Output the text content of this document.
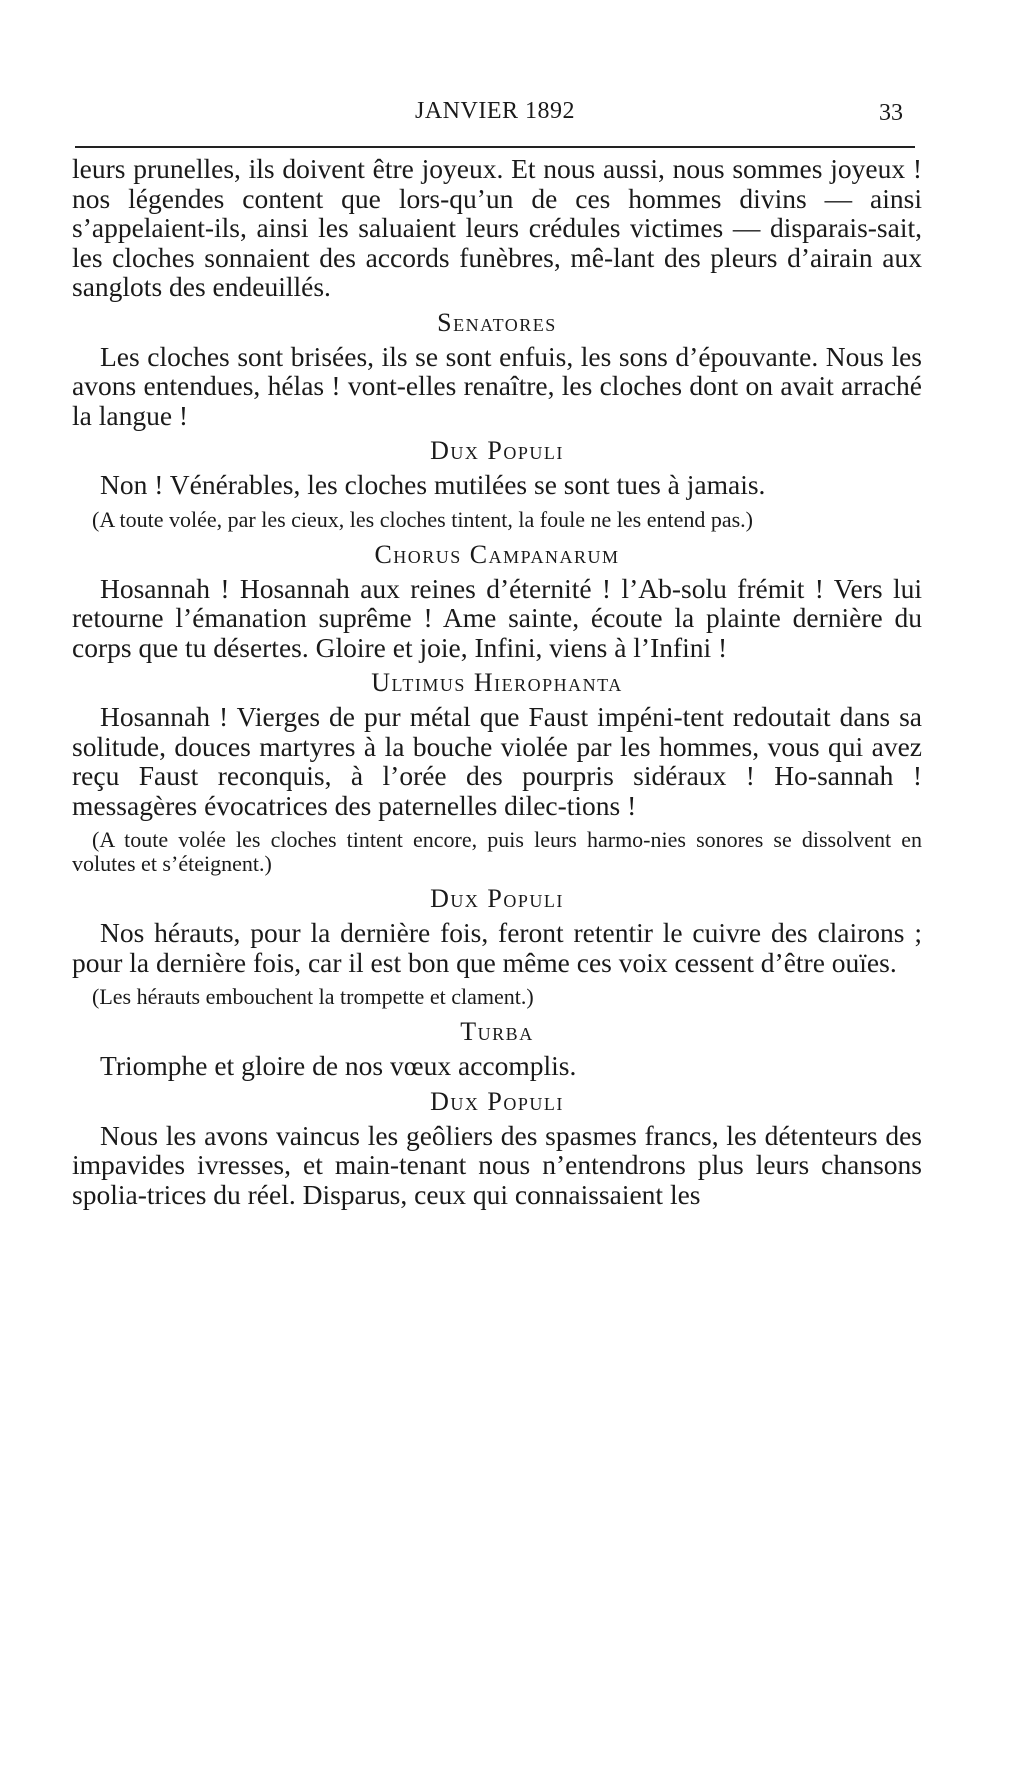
JANVIER 1892	33

leurs prunelles, ils doivent être joyeux. Et nous aussi, nous sommes joyeux ! nos légendes content que lors-qu’un de ces hommes divins — ainsi s’appelaient-ils, ainsi les saluaient leurs crédules victimes — disparais-sait, les cloches sonnaient des accords funèbres, mê-lant des pleurs d’airain aux sanglots des endeuillés.

Senatores

Les cloches sont brisées, ils se sont enfuis, les sons d’épouvante. Nous les avons entendues, hélas ! vont-elles renaître, les cloches dont on avait arraché la langue !

Dux Populi

Non ! Vénérables, les cloches mutilées se sont tues à jamais.

(A toute volée, par les cieux, les cloches tintent, la foule ne les entend pas.)

Chorus Campanarum

Hosannah ! Hosannah aux reines d’éternité ! l’Ab-solu frémit ! Vers lui retourne l’émanation suprême ! Ame sainte, écoute la plainte dernière du corps que tu désertes. Gloire et joie, Infini, viens à l’Infini !

Ultimus Hierophanta

Hosannah ! Vierges de pur métal que Faust impéni-tent redoutait dans sa solitude, douces martyres à la bouche violée par les hommes, vous qui avez reçu Faust reconquis, à l’orée des pourpris sidéraux ! Ho-sannah ! messagères évocatrices des paternelles dilec-tions !

(A toute volée les cloches tintent encore, puis leurs harmo-nies sonores se dissolvent en volutes et s’éteignent.)

Dux Populi

Nos hérauts, pour la dernière fois, feront retentir le cuivre des clairons ; pour la dernière fois, car il est bon que même ces voix cessent d’être ouïes.

(Les hérauts embouchent la trompette et clament.)

Turba

Triomphe et gloire de nos vœux accomplis.

Dux Populi

Nous les avons vaincus les geôliers des spasmes francs, les détenteurs des impavides ivresses, et main-tenant nous n’entendrons plus leurs chansons spolia-trices du réel. Disparus, ceux qui connaissaient les
